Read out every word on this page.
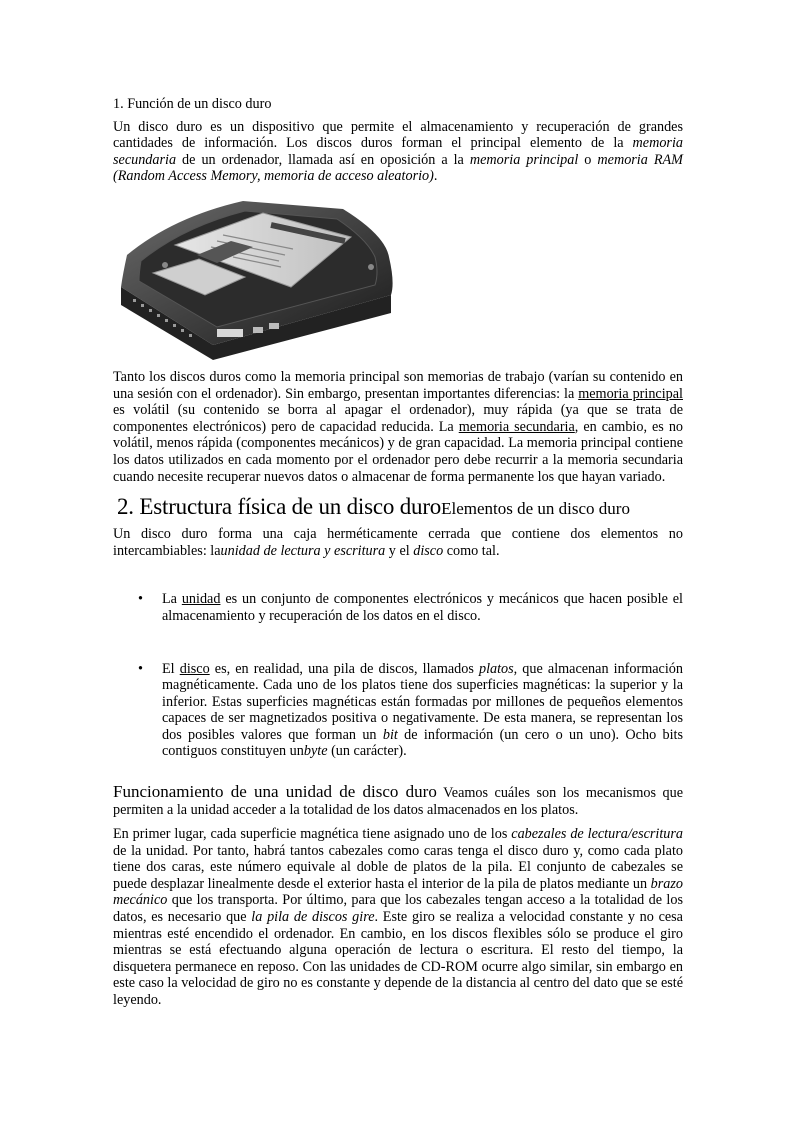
1. Función de un disco duro

Un disco duro es un dispositivo que permite el almacenamiento y recuperación de grandes cantidades de información. Los discos duros forman el principal elemento de la memoria secundaria de un ordenador, llamada así en oposición a la memoria principal o memoria RAM (Random Access Memory, memoria de acceso aleatorio).

Tanto los discos duros como la memoria principal son memorias de trabajo (varían su contenido en una sesión con el ordenador). Sin embargo, presentan importantes diferencias: la memoria principal es volátil (su contenido se borra al apagar el ordenador), muy rápida (ya que se trata de componentes electrónicos) pero de capacidad reducida. La memoria secundaria, en cambio, es no volátil, menos rápida (componentes mecánicos) y de gran capacidad. La memoria principal contiene los datos utilizados en cada momento por el ordenador pero debe recurrir a la memoria secundaria cuando necesite recuperar nuevos datos o almacenar de forma permanente los que hayan variado.

2. Estructura física de un disco duroElementos de un disco duro

Un disco duro forma una caja herméticamente cerrada que contiene dos elementos no intercambiables: launidad de lectura y escritura y el disco como tal.

• La unidad es un conjunto de componentes electrónicos y mecánicos que hacen posible el almacenamiento y recuperación de los datos en el disco.
• El disco es, en realidad, una pila de discos, llamados platos, que almacenan información magnéticamente. Cada uno de los platos tiene dos superficies magnéticas: la superior y la inferior. Estas superficies magnéticas están formadas por millones de pequeños elementos capaces de ser magnetizados positiva o negativamente. De esta manera, se representan los dos posibles valores que forman un bit de información (un cero o un uno). Ocho bits contiguos constituyen unbyte (un carácter).

Funcionamiento de una unidad de disco duro Veamos cuáles son los mecanismos que permiten a la unidad acceder a la totalidad de los datos almacenados en los platos.

En primer lugar, cada superficie magnética tiene asignado uno de los cabezales de lectura/escritura de la unidad. Por tanto, habrá tantos cabezales como caras tenga el disco duro y, como cada plato tiene dos caras, este número equivale al doble de platos de la pila. El conjunto de cabezales se puede desplazar linealmente desde el exterior hasta el interior de la pila de platos mediante un brazo mecánico que los transporta. Por último, para que los cabezales tengan acceso a la totalidad de los datos, es necesario que la pila de discos gire. Este giro se realiza a velocidad constante y no cesa mientras esté encendido el ordenador. En cambio, en los discos flexibles sólo se produce el giro mientras se está efectuando alguna operación de lectura o escritura. El resto del tiempo, la disquetera permanece en reposo. Con las unidades de CD-ROM ocurre algo similar, sin embargo en este caso la velocidad de giro no es constante y depende de la distancia al centro del dato que se esté leyendo.
